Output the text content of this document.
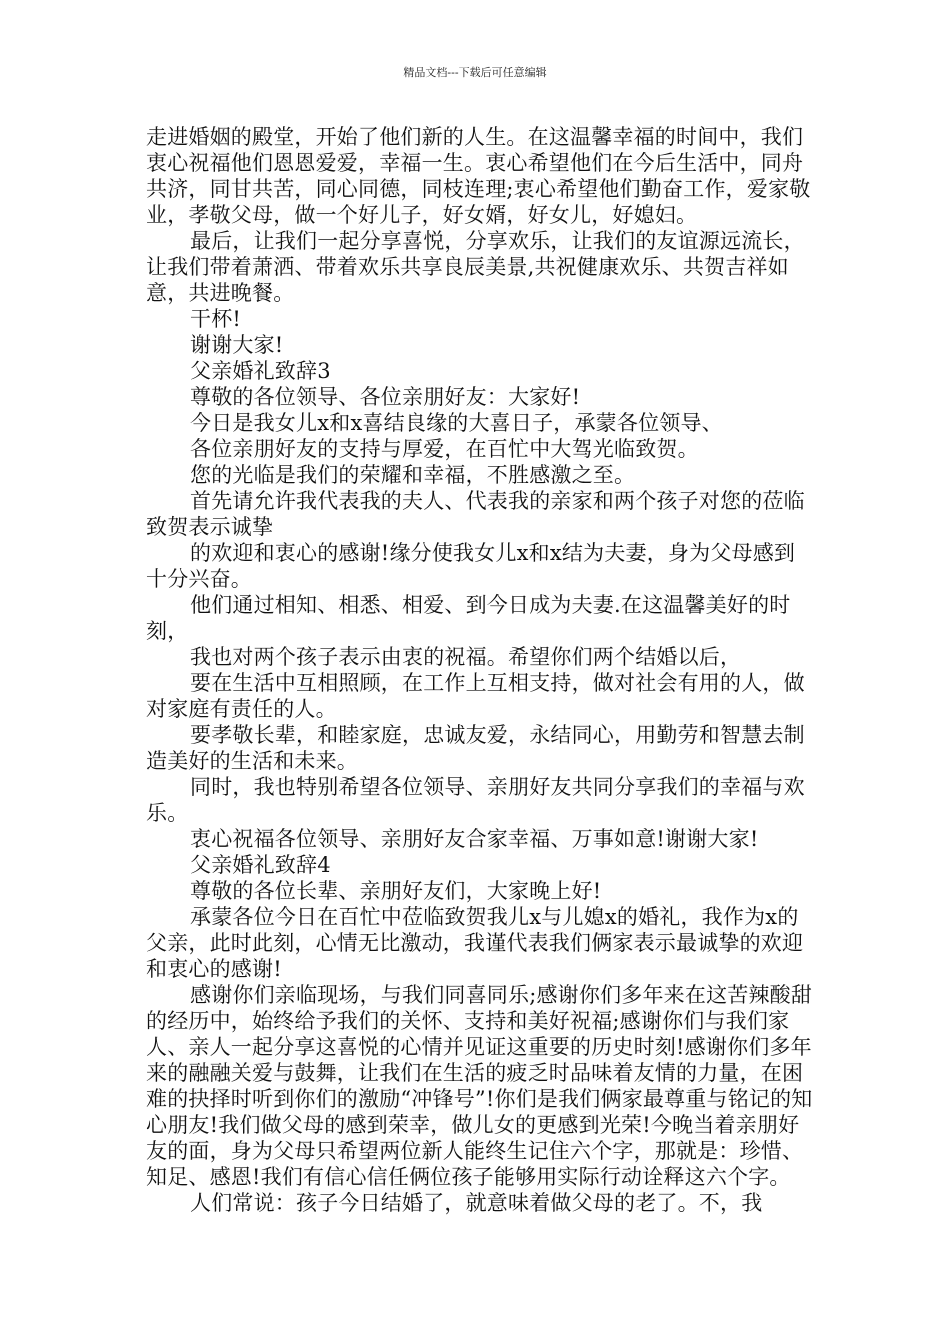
精品文档---下载后可任意编辑

走进婚姻的殿堂，开始了他们新的人生。在这温馨幸福的时间中，我们衷心祝福他们恩恩爱爱，幸福一生。衷心希望他们在今后生活中，同舟共济，同甘共苦，同心同德，同枝连理;衷心希望他们勤奋工作，爱家敬业，孝敬父母，做一个好儿子，好女婿，好女儿，好媳妇。

最后，让我们一起分享喜悦，分享欢乐，让我们的友谊源远流长，让我们带着萧洒、带着欢乐共享良辰美景,共祝健康欢乐、共贺吉祥如意，共进晚餐。

干杯!

谢谢大家!

父亲婚礼致辞3

尊敬的各位领导、各位亲朋好友：大家好!

今日是我女儿x和x喜结良缘的大喜日子，承蒙各位领导、

各位亲朋好友的支持与厚爱，在百忙中大驾光临致贺。

您的光临是我们的荣耀和幸福，不胜感激之至。

首先请允许我代表我的夫人、代表我的亲家和两个孩子对您的莅临致贺表示诚挚

的欢迎和衷心的感谢!缘分使我女儿x和x结为夫妻，身为父母感到十分兴奋。

他们通过相知、相悉、相爱、到今日成为夫妻.在这温馨美好的时刻，

我也对两个孩子表示由衷的祝福。希望你们两个结婚以后，

要在生活中互相照顾，在工作上互相支持，做对社会有用的人，做对家庭有责任的人。

要孝敬长辈，和睦家庭，忠诚友爱，永结同心，用勤劳和智慧去制造美好的生活和未来。

同时，我也特别希望各位领导、亲朋好友共同分享我们的幸福与欢乐。

衷心祝福各位领导、亲朋好友合家幸福、万事如意!谢谢大家!

父亲婚礼致辞4

尊敬的各位长辈、亲朋好友们，大家晚上好!

承蒙各位今日在百忙中莅临致贺我儿x与儿媳x的婚礼，我作为x的父亲，此时此刻，心情无比激动，我谨代表我们俩家表示最诚挚的欢迎和衷心的感谢!

感谢你们亲临现场，与我们同喜同乐;感谢你们多年来在这苦辣酸甜的经历中，始终给予我们的关怀、支持和美好祝福;感谢你们与我们家人、亲人一起分享这喜悦的心情并见证这重要的历史时刻!感谢你们多年来的融融关爱与鼓舞，让我们在生活的疲乏时品味着友情的力量，在困难的抉择时听到你们的激励“冲锋号”!你们是我们俩家最尊重与铭记的知心朋友!我们做父母的感到荣幸，做儿女的更感到光荣!今晚当着亲朋好友的面，身为父母只希望两位新人能终生记住六个字，那就是：珍惜、知足、感恩!我们有信心信任俩位孩子能够用实际行动诠释这六个字。

人们常说：孩子今日结婚了，就意味着做父母的老了。不，我
